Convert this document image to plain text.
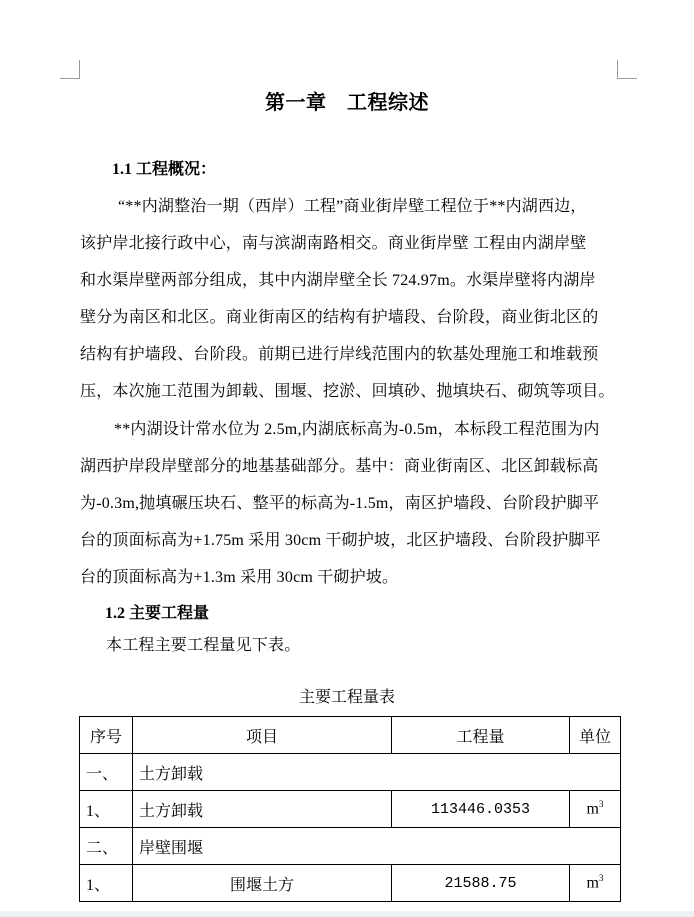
第一章　工程综述
1.1 工程概况：
“**内湖整治一期（西岸）工程”商业街岸壁工程位于**内湖西边，
该护岸北接行政中心，南与滨湖南路相交。商业街岸壁 工程由内湖岸壁
和水渠岸壁两部分组成，其中内湖岸壁全长 724.97m。水渠岸壁将内湖岸
壁分为南区和北区。商业街南区的结构有护墙段、台阶段，商业街北区的
结构有护墙段、台阶段。前期已进行岸线范围内的软基处理施工和堆载预
压，本次施工范围为卸载、围堰、挖淤、回填砂、抛填块石、砌筑等项目。
**内湖设计常水位为 2.5m,内湖底标高为-0.5m，本标段工程范围为内
湖西护岸段岸壁部分的地基基础部分。基中：商业街南区、北区卸载标高
为-0.3m,抛填碾压块石、整平的标高为-1.5m，南区护墙段、台阶段护脚平
台的顶面标高为+1.75m 采用 30cm 干砌护坡，北区护墙段、台阶段护脚平
台的顶面标高为+1.3m 采用 30cm 干砌护坡。
1.2 主要工程量
本工程主要工程量见下表。
主要工程量表
序号	项目	工程量	单位
一、	土方卸载		
1、	土方卸载	113446.0353	$m^3$
二、	岸壁围堰		
1、	围堰土方	21588.75	$m^3$
